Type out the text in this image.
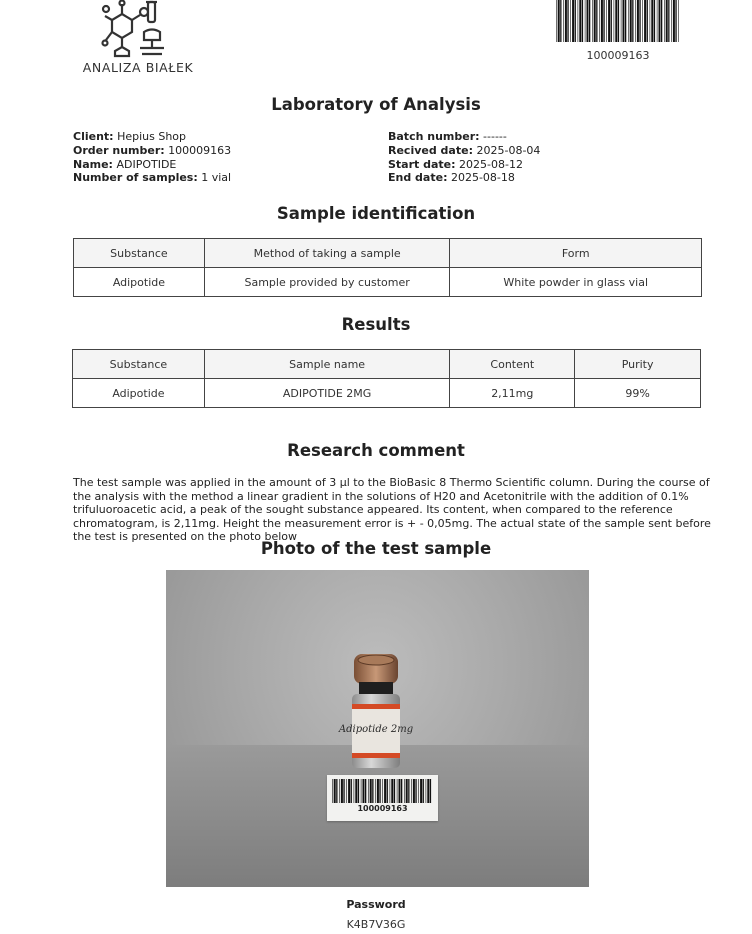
ANALIZA BIAŁEK
100009163
Laboratory of Analysis
Client: Hepius Shop
Order number: 100009163
Name: ADIPOTIDE
Number of samples: 1 vial
Batch number: ------
Recived date: 2025-08-04
Start date: 2025-08-12
End date: 2025-08-18
Sample identification
Substance	Method of taking a sample	Form
Adipotide	Sample provided by customer	White powder in glass vial
Results
Substance	Sample name	Content	Purity
Adipotide	ADIPOTIDE 2MG	2,11mg	99%
Research comment
The test sample was applied in the amount of 3 µl to the BioBasic 8 Thermo Scientific column. During the course of the analysis with the method a linear gradient in the solutions of H20 and Acetonitrile with the addition of 0.1% trifuluoroacetic acid, a peak of the sought substance appeared. Its content, when compared to the reference chromatogram, is 2,11mg. Height the measurement error is + - 0,05mg. The actual state of the sample sent before the test is presented on the photo below
Photo of the test sample
Adipotide 2mg
100009163
Password
K4B7V36G
